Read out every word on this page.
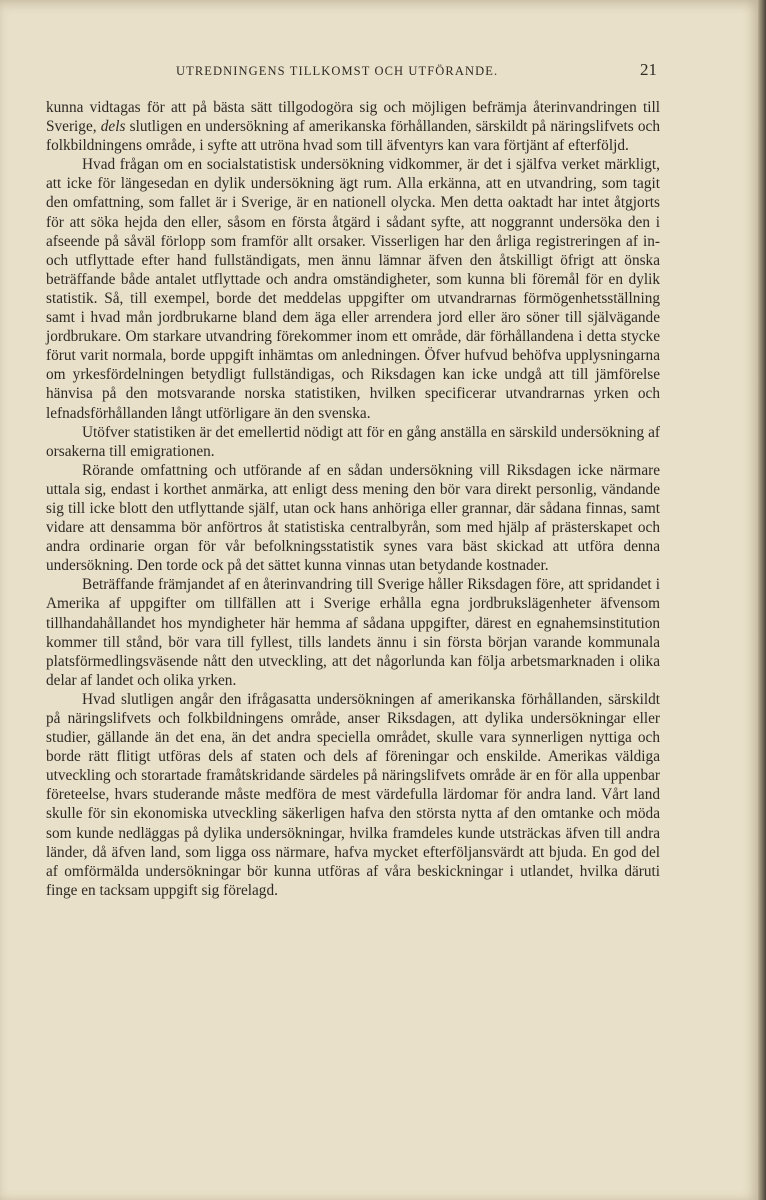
UTREDNINGENS TILLKOMST OCH UTFÖRANDE.	21

kunna vidtagas för att på bästa sätt tillgodogöra sig och möjligen befrämja återinvandringen till Sverige, dels slutligen en undersökning af amerikanska förhållanden, särskildt på näringslifvets och folkbildningens område, i syfte att utröna hvad som till äfventyrs kan vara förtjänt af efterföljd.

Hvad frågan om en socialstatistisk undersökning vidkommer, är det i själfva verket märkligt, att icke för längesedan en dylik undersökning ägt rum. Alla erkänna, att en utvandring, som tagit den omfattning, som fallet är i Sverige, är en nationell olycka. Men detta oaktadt har intet åtgjorts för att söka hejda den eller, såsom en första åtgärd i sådant syfte, att noggrannt undersöka den i afseende på såväl förlopp som framför allt orsaker. Visserligen har den årliga registreringen af in- och utflyttade efter hand fullständigats, men ännu lämnar äfven den åtskilligt öfrigt att önska beträffande både antalet utflyttade och andra omständigheter, som kunna bli föremål för en dylik statistik. Så, till exempel, borde det meddelas uppgifter om utvandrarnas förmögenhetsställning samt i hvad mån jordbrukarne bland dem äga eller arrendera jord eller äro söner till självägande jordbrukare. Om starkare utvandring förekommer inom ett område, där förhållandena i detta stycke förut varit normala, borde uppgift inhämtas om anledningen. Öfver hufvud behöfva upplysningarna om yrkesfördelningen betydligt fullständigas, och Riksdagen kan icke undgå att till jämförelse hänvisa på den motsvarande norska statistiken, hvilken specificerar utvandrarnas yrken och lefnadsförhållanden långt utförligare än den svenska.

Utöfver statistiken är det emellertid nödigt att för en gång anställa en särskild undersökning af orsakerna till emigrationen.

Rörande omfattning och utförande af en sådan undersökning vill Riksdagen icke närmare uttala sig, endast i korthet anmärka, att enligt dess mening den bör vara direkt personlig, vändande sig till icke blott den utflyttande själf, utan ock hans anhöriga eller grannar, där sådana finnas, samt vidare att densamma bör anförtros åt statistiska centralbyrån, som med hjälp af prästerskapet och andra ordinarie organ för vår befolkningsstatistik synes vara bäst skickad att utföra denna undersökning. Den torde ock på det sättet kunna vinnas utan betydande kostnader.

Beträffande främjandet af en återinvandring till Sverige håller Riksdagen före, att spridandet i Amerika af uppgifter om tillfällen att i Sverige erhålla egna jordbrukslägenheter äfvensom tillhandahållandet hos myndigheter här hemma af sådana uppgifter, därest en egnahemsinstitution kommer till stånd, bör vara till fyllest, tills landets ännu i sin första början varande kommunala platsförmedlingsväsende nått den utveckling, att det någorlunda kan följa arbetsmarknaden i olika delar af landet och olika yrken.

Hvad slutligen angår den ifrågasatta undersökningen af amerikanska förhållanden, särskildt på näringslifvets och folkbildningens område, anser Riksdagen, att dylika undersökningar eller studier, gällande än det ena, än det andra speciella området, skulle vara synnerligen nyttiga och borde rätt flitigt utföras dels af staten och dels af föreningar och enskilde. Amerikas väldiga utveckling och storartade framåtskridande särdeles på näringslifvets område är en för alla uppenbar företeelse, hvars studerande måste medföra de mest värdefulla lärdomar för andra land. Vårt land skulle för sin ekonomiska utveckling säkerligen hafva den största nytta af den omtanke och möda som kunde nedläggas på dylika undersökningar, hvilka framdeles kunde utsträckas äfven till andra länder, då äfven land, som ligga oss närmare, hafva mycket efterföljansvärdt att bjuda. En god del af omförmälda undersökningar bör kunna utföras af våra beskickningar i utlandet, hvilka däruti finge en tacksam uppgift sig förelagd.
